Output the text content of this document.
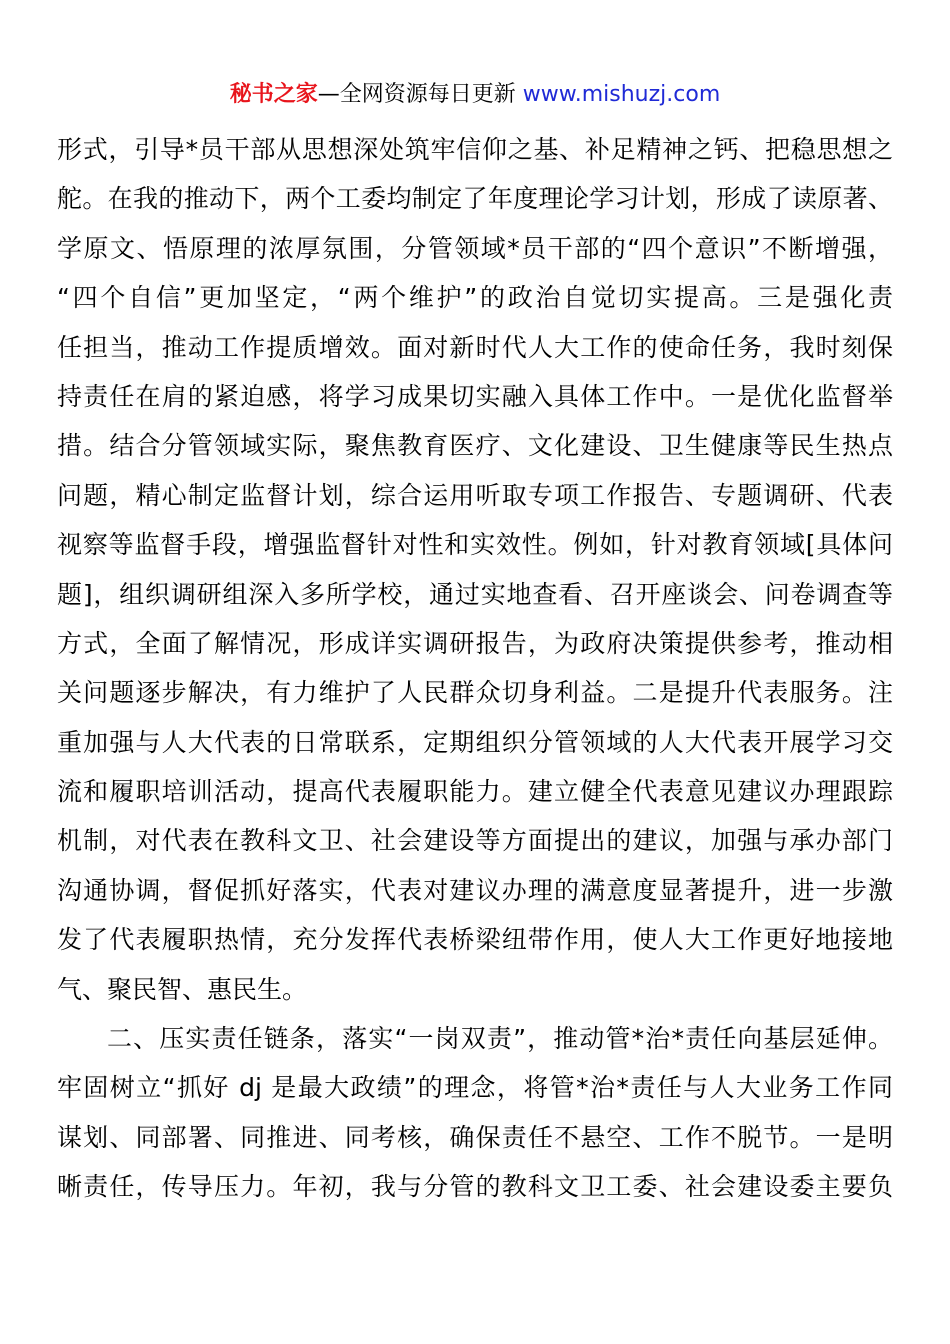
秘书之家—全网资源每日更新 www.mishuzj.com
形式，引导*员干部从思想深处筑牢信仰之基、补足精神之钙、把稳思想之
舵。在我的推动下，两个工委均制定了年度理论学习计划，形成了读原著、
学原文、悟原理的浓厚氛围，分管领域*员干部的“四个意识”不断增强，
“四个自信”更加坚定，“两个维护”的政治自觉切实提高。三是强化责
任担当，推动工作提质增效。面对新时代人大工作的使命任务，我时刻保
持责任在肩的紧迫感，将学习成果切实融入具体工作中。一是优化监督举
措。结合分管领域实际，聚焦教育医疗、文化建设、卫生健康等民生热点
问题，精心制定监督计划，综合运用听取专项工作报告、专题调研、代表
视察等监督手段，增强监督针对性和实效性。例如，针对教育领域[具体问
题]，组织调研组深入多所学校，通过实地查看、召开座谈会、问卷调查等
方式，全面了解情况，形成详实调研报告，为政府决策提供参考，推动相
关问题逐步解决，有力维护了人民群众切身利益。二是提升代表服务。注
重加强与人大代表的日常联系，定期组织分管领域的人大代表开展学习交
流和履职培训活动，提高代表履职能力。建立健全代表意见建议办理跟踪
机制，对代表在教科文卫、社会建设等方面提出的建议，加强与承办部门
沟通协调，督促抓好落实，代表对建议办理的满意度显著提升，进一步激
发了代表履职热情，充分发挥代表桥梁纽带作用，使人大工作更好地接地
气、聚民智、惠民生。
二、压实责任链条，落实“一岗双责”，推动管*治*责任向基层延伸。
牢固树立“抓好 dj 是最大政绩”的理念，将管*治*责任与人大业务工作同
谋划、同部署、同推进、同考核，确保责任不悬空、工作不脱节。一是明
晰责任，传导压力。年初，我与分管的教科文卫工委、社会建设委主要负
